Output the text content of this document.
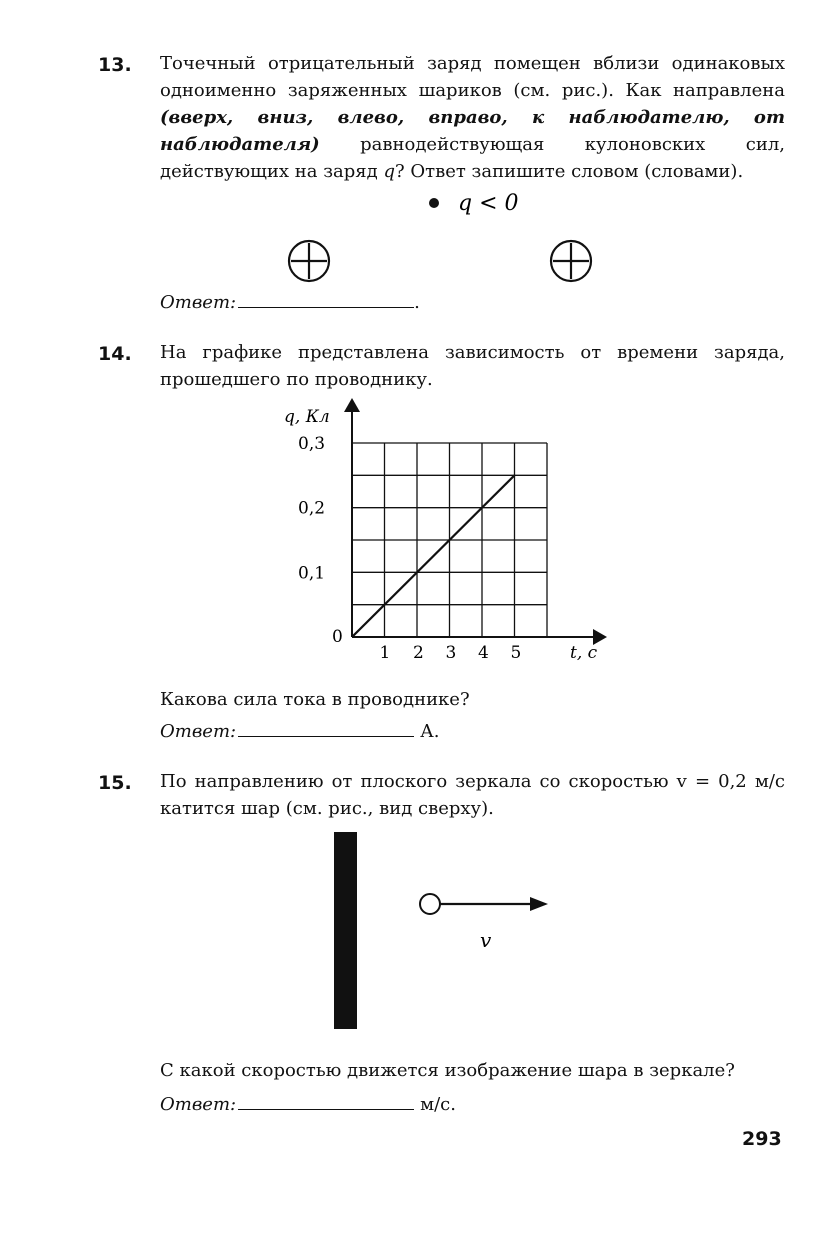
13. Точечный отрицательный заряд помещен вблизи одинаковых одноименно заряженных шариков (см. рис.). Как направлена (вверх, вниз, влево, вправо, к наблюдателю, от наблюдателя) равнодействующая кулоновских сил, действующих на заряд q? Ответ запишите словом (словами).
q < 0
Ответ:	.
14. На графике представлена зависимость от времени заряда, прошедшего по проводнику.
1 2 3 4 5
0,1
0,2
0,3
q, Кл
t, с
0
Какова сила тока в проводнике?
Ответ:	А.
15. По направлению от плоского зеркала со скоростью v = 0,2 м/с катится шар (см. рис., вид сверху).
v
С какой скоростью движется изображение шара в зеркале?
Ответ:	м/с.
293
